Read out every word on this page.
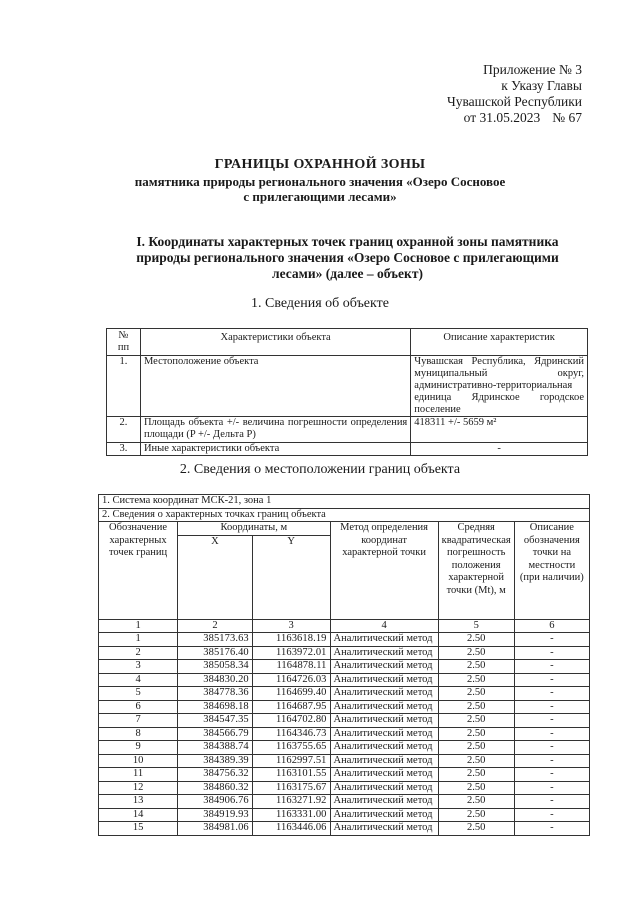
Приложение № 3
к Указу Главы
Чувашской Республики
от 31.05.2023 № 67
ГРАНИЦЫ ОХРАННОЙ ЗОНЫ
памятника природы регионального значения «Озеро Сосновое
с прилегающими лесами»
I. Координаты характерных точек границ охранной зоны памятника
природы регионального значения «Озеро Сосновое с прилегающими
лесами» (далее – объект)
1. Сведения об объекте
№ пп	Характеристики объекта	Описание характеристик
1.	Местоположение объекта	Чувашская Республика, Ядринский муниципальный округ, административно-территориальная единица Ядринское городское поселение
2.	Площадь объекта +/- величина погрешности определения площади (P +/- Дельта P)	418311 +/- 5659 м²
3.	Иные характеристики объекта	-
2. Сведения о местоположении границ объекта
1. Система координат МСК-21, зона 1					
2. Сведения о характерных точках границ объекта					
Обозначение характерных точек границ	Координаты, м		Метод определения координат характерной точки	Средняя квадратическая погрешность положения характерной точки (Mt), м	Описание обозначения точки на местности (при наличии)
	X	Y			
1	2	3	4	5	6
1	385173.63	1163618.19	Аналитический метод	2.50	-
2	385176.40	1163972.01	Аналитический метод	2.50	-
3	385058.34	1164878.11	Аналитический метод	2.50	-
4	384830.20	1164726.03	Аналитический метод	2.50	-
5	384778.36	1164699.40	Аналитический метод	2.50	-
6	384698.18	1164687.95	Аналитический метод	2.50	-
7	384547.35	1164702.80	Аналитический метод	2.50	-
8	384566.79	1164346.73	Аналитический метод	2.50	-
9	384388.74	1163755.65	Аналитический метод	2.50	-
10	384389.39	1162997.51	Аналитический метод	2.50	-
11	384756.32	1163101.55	Аналитический метод	2.50	-
12	384860.32	1163175.67	Аналитический метод	2.50	-
13	384906.76	1163271.92	Аналитический метод	2.50	-
14	384919.93	1163331.00	Аналитический метод	2.50	-
15	384981.06	1163446.06	Аналитический метод	2.50	-
